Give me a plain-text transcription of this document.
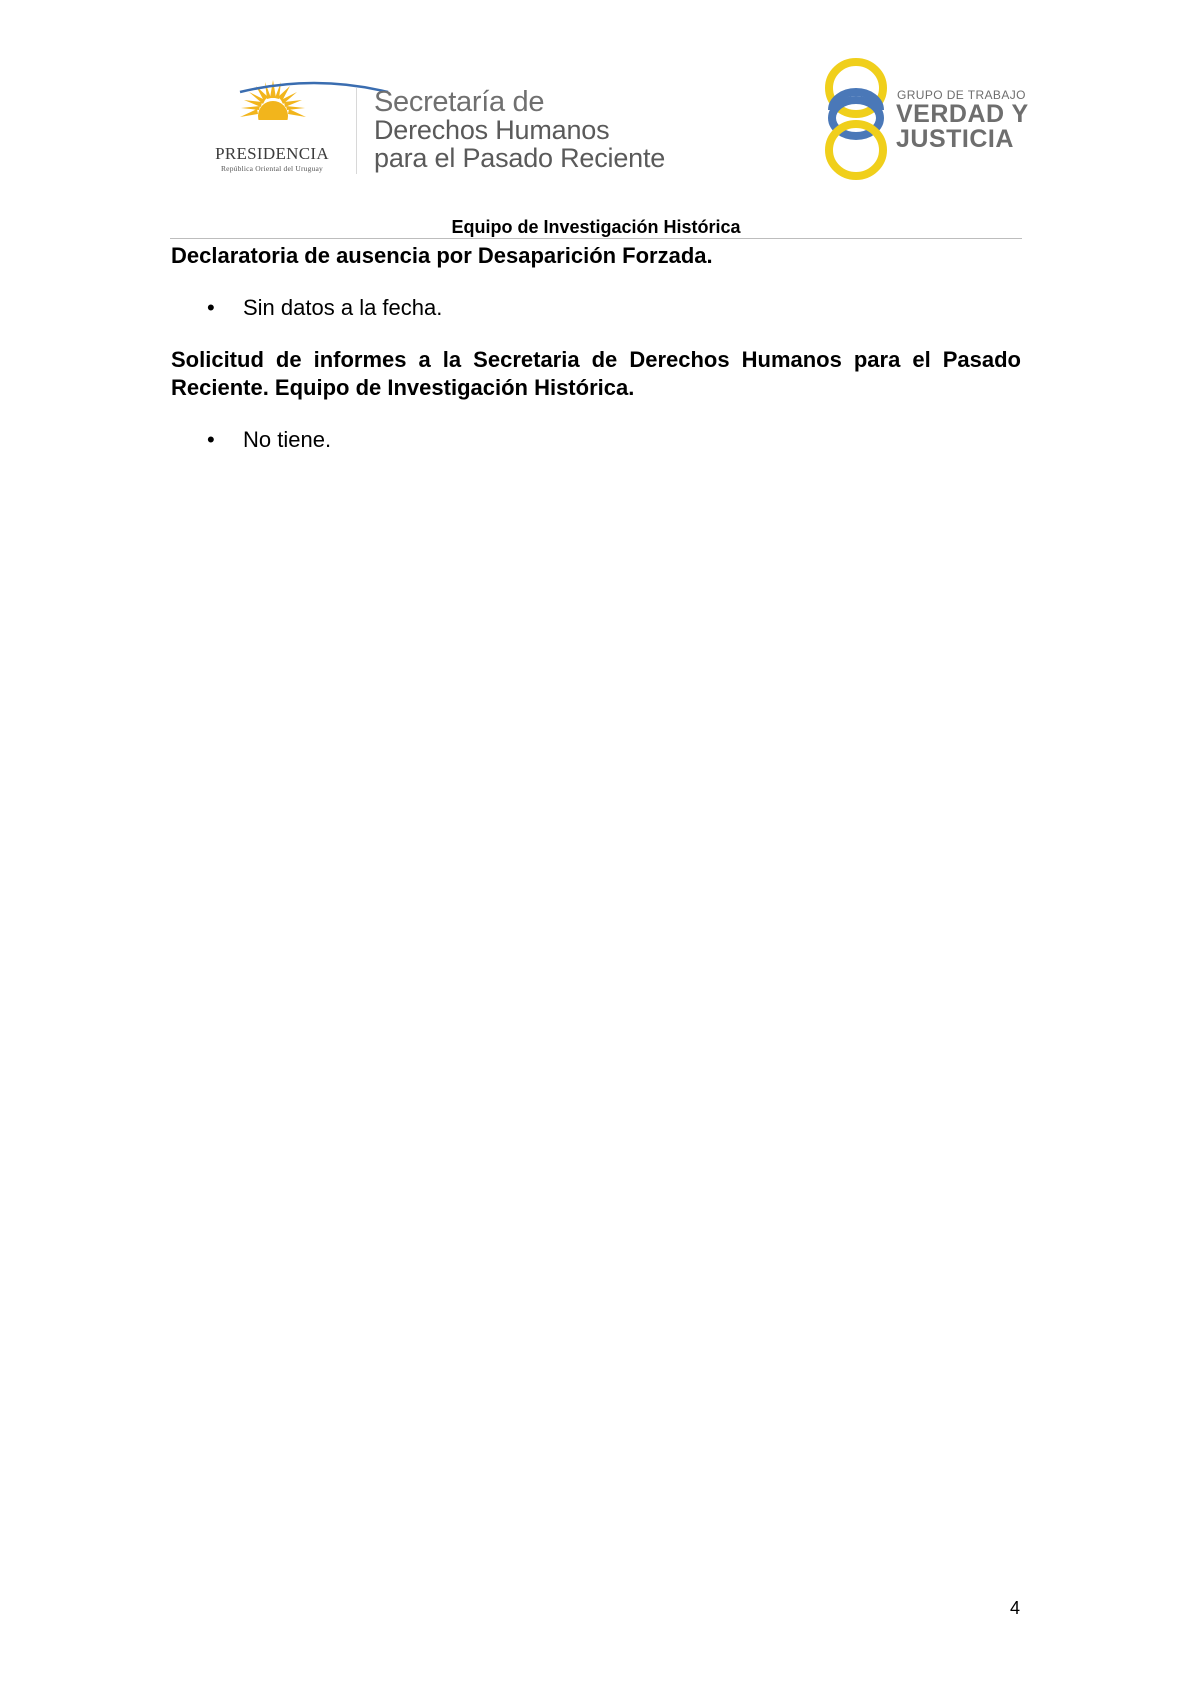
PRESIDENCIA
República Oriental del Uruguay
Secretaría de
Derechos Humanos
para el Pasado Reciente
GRUPO DE TRABAJO
VERDAD Y
JUSTICIA
Equipo de Investigación Histórica
Declaratoria de ausencia por Desaparición Forzada.
• Sin datos a la fecha.
Solicitud de informes a la Secretaria de Derechos Humanos para el Pasado Reciente. Equipo de Investigación Histórica.
• No tiene.
4
